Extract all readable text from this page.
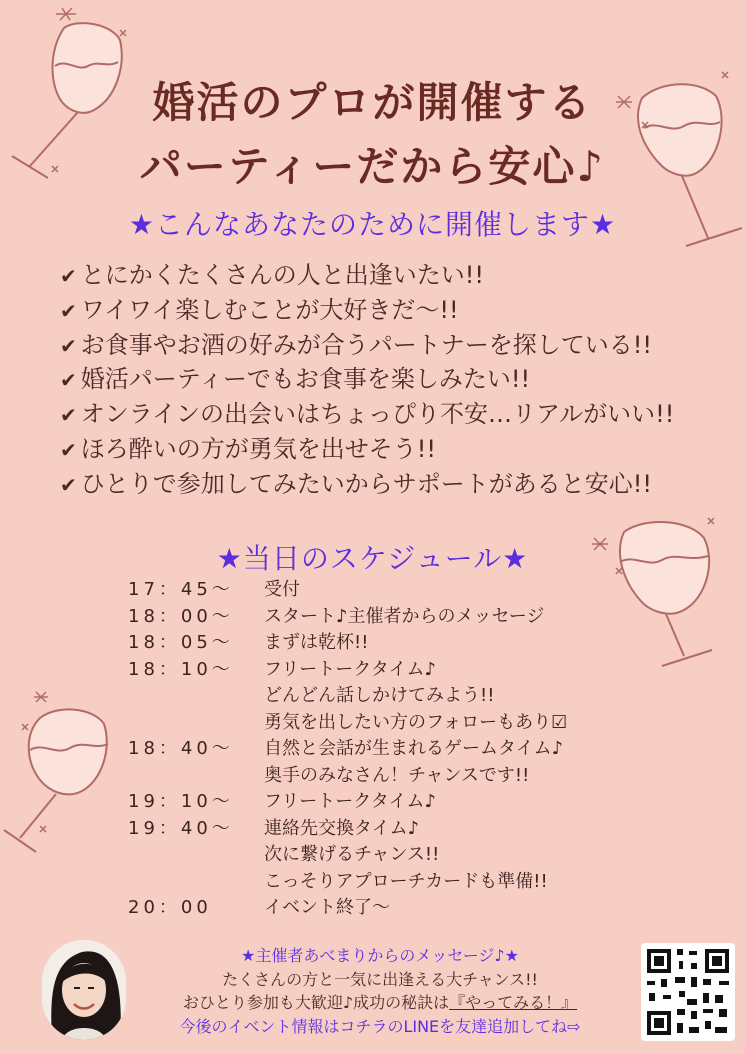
婚活のプロが開催する
パーティーだから安心♪
★こんなあなたのために開催します★
✔ とにかくたくさんの人と出逢いたい!!
✔ ワイワイ楽しむことが大好きだ～!!
✔ お食事やお酒の好みが合うパートナーを探している!!
✔ 婚活パーティーでもお食事を楽しみたい!!
✔ オンラインの出会いはちょっぴり不安…リアルがいい!!
✔ ほろ酔いの方が勇気を出せそう!!
✔ ひとりで参加してみたいからサポートがあると安心!!
★当日のスケジュール★
17：45～ 受付
18：00～ スタート♪主催者からのメッセージ
18：05～ まずは乾杯!!
18：10～ フリートークタイム♪
どんどん話しかけてみよう!!
勇気を出したい方のフォローもあり☑
18：40～ 自然と会話が生まれるゲームタイム♪
奥手のみなさん！チャンスです!!
19：10～ フリートークタイム♪
19：40～ 連絡先交換タイム♪
次に繋げるチャンス!!
こっそりアプローチカードも準備!!
20：00	イベント終了～
★主催者あべまりからのメッセージ♪★
たくさんの方と一気に出逢える大チャンス!!
おひとり参加も大歓迎♪成功の秘訣は『やってみる！』
今後のイベント情報はコチラのLINEを友達追加してね⇨
